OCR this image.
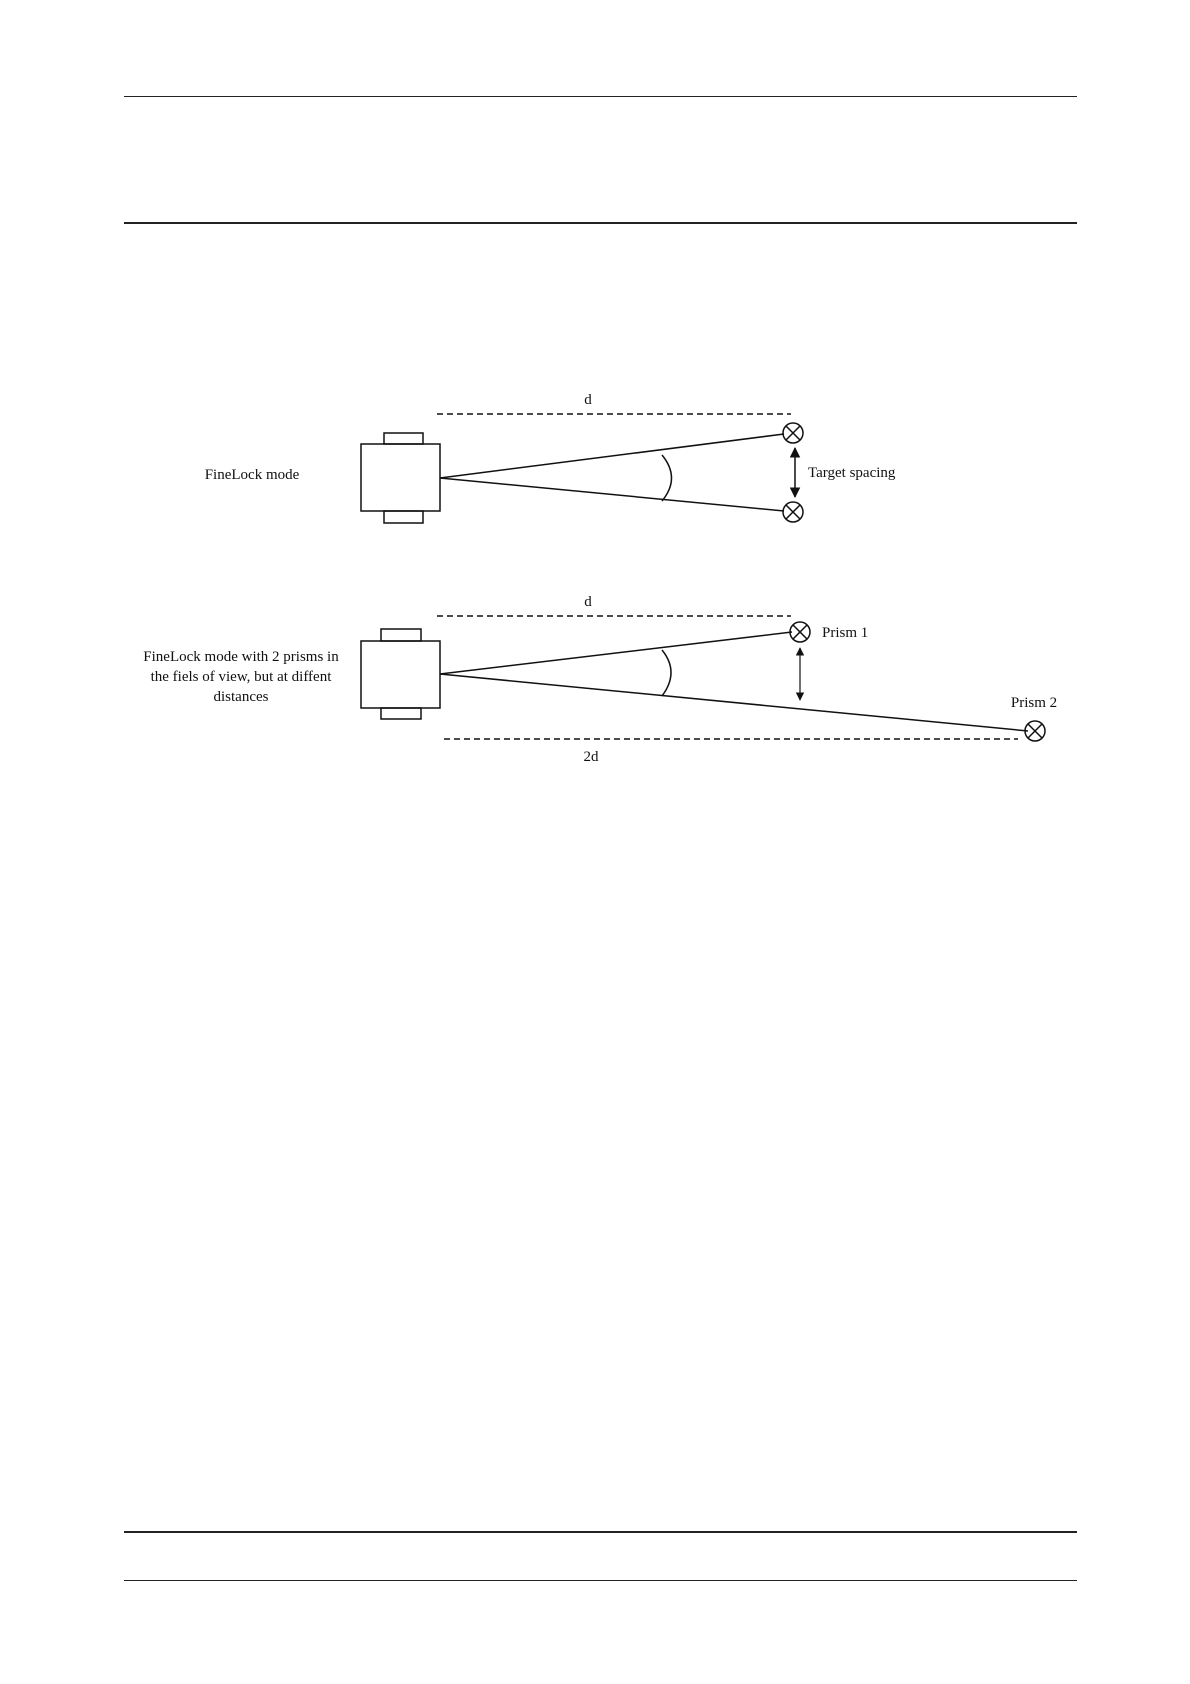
FineLock mode
d
Target spacing
FineLock mode with 2 prisms in
the fiels of view, but at diffent
distances
d
Prism 1
Prism 2
2d
